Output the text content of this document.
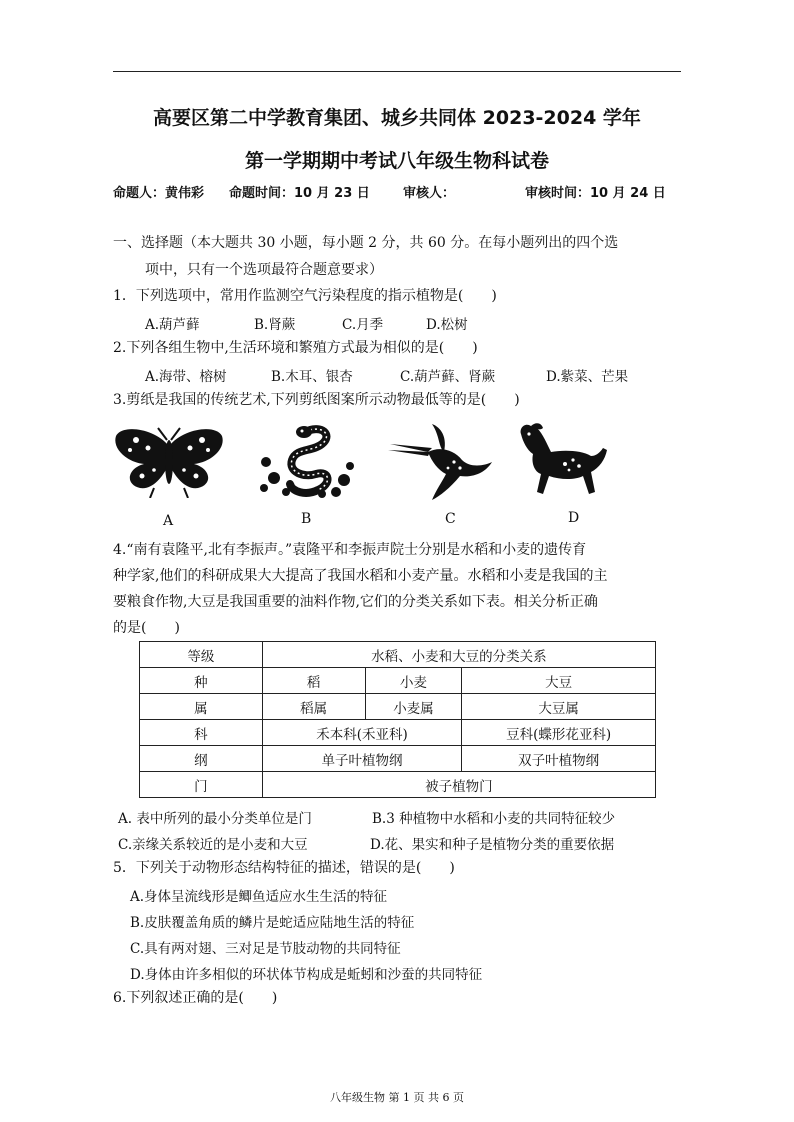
高要区第二中学教育集团、城乡共同体 2023-2024 学年
第一学期期中考试八年级生物科试卷
命题人：黄伟彩 命题时间：10 月 23 日	审核人：	审核时间：10 月 24 日
一、选择题（本大题共 30 小题，每小题 2 分，共 60 分。在每小题列出的四个选
项中，只有一个选项最符合题意要求）
1．下列选项中，常用作监测空气污染程度的指示植物是(　　)
A.葫芦藓	B.肾蕨	C.月季	D.松树
2.下列各组生物中,生活环境和繁殖方式最为相似的是(　　)
A.海带、榕树	B.木耳、银杏	C.葫芦藓、肾蕨	D.紫菜、芒果
3.剪纸是我国的传统艺术,下列剪纸图案所示动物最低等的是(　　)
A	B	C	D
4.“南有袁隆平,北有李振声。”袁隆平和李振声院士分别是水稻和小麦的遗传育
种学家,他们的科研成果大大提高了我国水稻和小麦产量。水稻和小麦是我国的主
要粮食作物,大豆是我国重要的油料作物,它们的分类关系如下表。相关分析正确
的是(　　)
等级	水稻、小麦和大豆的分类关系		
种	稻	小麦	大豆
属	稻属	小麦属	大豆属
科	禾本科(禾亚科)		豆科(蝶形花亚科)
纲	单子叶植物纲		双子叶植物纲
门	被子植物门		
A. 表中所列的最小分类单位是门	B.3 种植物中水稻和小麦的共同特征较少
C.亲缘关系较近的是小麦和大豆	D.花、果实和种子是植物分类的重要依据
5．下列关于动物形态结构特征的描述，错误的是(　　)
A.身体呈流线形是鲫鱼适应水生生活的特征
B.皮肤覆盖角质的鳞片是蛇适应陆地生活的特征
C.具有两对翅、三对足是节肢动物的共同特征
D.身体由许多相似的环状体节构成是蚯蚓和沙蚕的共同特征
6.下列叙述正确的是(　　)
八年级生物 第 1 页 共 6 页
